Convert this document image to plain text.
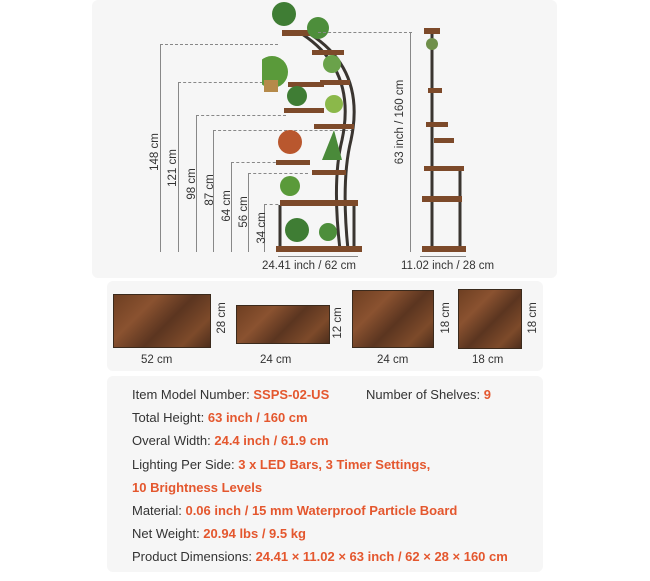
148 cm 121 cm 98 cm 87 cm
64 cm 56 cm
34 cm
63 inch / 160 cm
24.41 inch / 62 cm	11.02 inch / 28 cm
28 cm
52 cm
12 cm
24 cm
18 cm
24 cm
18 cm
18 cm
Item Model Number: SSPS-02-US	Number of Shelves: 9
Total Height: 63 inch / 160 cm
Overal Width: 24.4 inch / 61.9 cm
Lighting Per Side: 3 x LED Bars, 3 Timer Settings,
10 Brightness Levels
Material: 0.06 inch / 15 mm Waterproof Particle Board
Net Weight: 20.94 lbs / 9.5 kg
Product Dimensions: 24.41 × 11.02 × 63 inch / 62 × 28 × 160 cm
